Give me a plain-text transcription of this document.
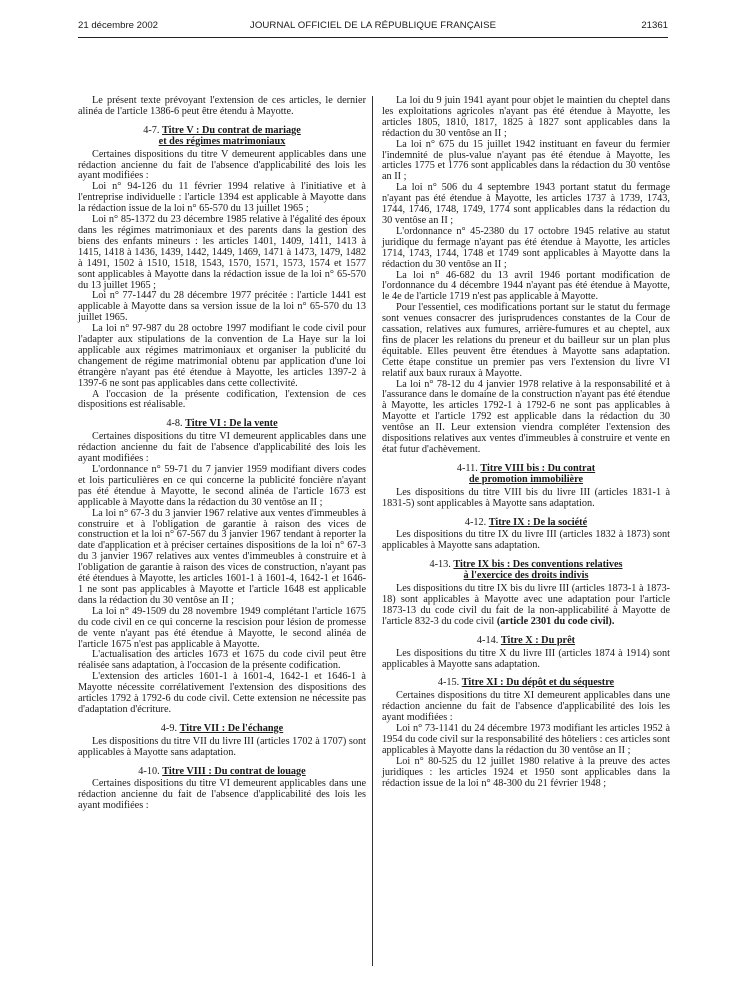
21 décembre 2002	JOURNAL OFFICIEL DE LA RÉPUBLIQUE FRANÇAISE	21361

Le présent texte prévoyant l'extension de ces articles, le dernier alinéa de l'article 1386-6 peut être étendu à Mayotte.

4-7. Titre V : Du contrat de mariage
et des régimes matrimoniaux

Certaines dispositions du titre V demeurent applicables dans une rédaction ancienne du fait de l'absence d'applicabilité des lois les ayant modifiées :

Loi n° 94-126 du 11 février 1994 relative à l'initiative et à l'entreprise individuelle : l'article 1394 est applicable à Mayotte dans la rédaction issue de la loi n° 65-570 du 13 juillet 1965 ;

Loi n° 85-1372 du 23 décembre 1985 relative à l'égalité des époux dans les régimes matrimoniaux et des parents dans la gestion des biens des enfants mineurs : les articles 1401, 1409, 1411, 1413 à 1415, 1418 à 1436, 1439, 1442, 1449, 1469, 1471 à 1473, 1479, 1482 à 1491, 1502 à 1510, 1518, 1543, 1570, 1571, 1573, 1574 et 1577 sont applicables à Mayotte dans la rédaction issue de la loi n° 65-570 du 13 juillet 1965 ;

Loi n° 77-1447 du 28 décembre 1977 précitée : l'article 1441 est applicable à Mayotte dans sa version issue de la loi n° 65-570 du 13 juillet 1965.

La loi n° 97-987 du 28 octobre 1997 modifiant le code civil pour l'adapter aux stipulations de la convention de La Haye sur la loi applicable aux régimes matrimoniaux et organiser la publicité du changement de régime matrimonial obtenu par application d'une loi étrangère n'ayant pas été étendue à Mayotte, les articles 1397-2 à 1397-6 ne sont pas applicables dans cette collectivité.

A l'occasion de la présente codification, l'extension de ces dispositions est réalisable.

4-8. Titre VI : De la vente

Certaines dispositions du titre VI demeurent applicables dans une rédaction ancienne du fait de l'absence d'applicabilité des lois les ayant modifiées :

L'ordonnance n° 59-71 du 7 janvier 1959 modifiant divers codes et lois particulières en ce qui concerne la publicité foncière n'ayant pas été étendue à Mayotte, le second alinéa de l'article 1673 est applicable à Mayotte dans la rédaction du 30 ventôse an II ;

La loi n° 67-3 du 3 janvier 1967 relative aux ventes d'immeubles à construire et à l'obligation de garantie à raison des vices de construction et la loi n° 67-567 du 3 janvier 1967 tendant à reporter la date d'application et à préciser certaines dispositions de la loi n° 67-3 du 3 janvier 1967 relatives aux ventes d'immeubles à construire et à l'obligation de garantie à raison des vices de construction, n'ayant pas été étendues à Mayotte, les articles 1601-1 à 1601-4, 1642-1 et 1646-1 ne sont pas applicables à Mayotte et l'article 1648 est applicable dans la rédaction du 30 ventôse an II ;

La loi n° 49-1509 du 28 novembre 1949 complétant l'article 1675 du code civil en ce qui concerne la rescision pour lésion de promesse de vente n'ayant pas été étendue à Mayotte, le second alinéa de l'article 1675 n'est pas applicable à Mayotte.

L'actualisation des articles 1673 et 1675 du code civil peut être réalisée sans adaptation, à l'occasion de la présente codification.

L'extension des articles 1601-1 à 1601-4, 1642-1 et 1646-1 à Mayotte nécessite corrélativement l'extension des dispositions des articles 1792 à 1792-6 du code civil. Cette extension ne nécessite pas d'adaptation d'écriture.

4-9. Titre VII : De l'échange

Les dispositions du titre VII du livre III (articles 1702 à 1707) sont applicables à Mayotte sans adaptation.

4-10. Titre VIII : Du contrat de louage

Certaines dispositions du titre VI demeurent applicables dans une rédaction ancienne du fait de l'absence d'applicabilité des lois les ayant modifiées :

La loi du 9 juin 1941 ayant pour objet le maintien du cheptel dans les exploitations agricoles n'ayant pas été étendue à Mayotte, les articles 1805, 1810, 1817, 1825 à 1827 sont applicables dans la rédaction du 30 ventôse an II ;

La loi n° 675 du 15 juillet 1942 instituant en faveur du fermier l'indemnité de plus-value n'ayant pas été étendue à Mayotte, les articles 1775 et 1776 sont applicables dans la rédaction du 30 ventôse an II ;

La loi n° 506 du 4 septembre 1943 portant statut du fermage n'ayant pas été étendue à Mayotte, les articles 1737 à 1739, 1743, 1744, 1746, 1748, 1749, 1774 sont applicables dans la rédaction du 30 ventôse an II ;

L'ordonnance n° 45-2380 du 17 octobre 1945 relative au statut juridique du fermage n'ayant pas été étendue à Mayotte, les articles 1714, 1743, 1744, 1748 et 1749 sont applicables à Mayotte dans la rédaction du 30 ventôse an II ;

La loi n° 46-682 du 13 avril 1946 portant modification de l'ordonnance du 4 décembre 1944 n'ayant pas été étendue à Mayotte, le 4e de l'article 1719 n'est pas applicable à Mayotte.

Pour l'essentiel, ces modifications portant sur le statut du fermage sont venues consacrer des jurisprudences constantes de la Cour de cassation, relatives aux fumures, arrière-fumures et au cheptel, aux fins de placer les relations du preneur et du bailleur sur un plan plus équitable. Elles peuvent être étendues à Mayotte sans adaptation. Cette étape constitue un premier pas vers l'extension du livre VI relatif aux baux ruraux à Mayotte.

La loi n° 78-12 du 4 janvier 1978 relative à la responsabilité et à l'assurance dans le domaine de la construction n'ayant pas été étendue à Mayotte, les articles 1792-1 à 1792-6 ne sont pas applicables à Mayotte et l'article 1792 est applicable dans la rédaction du 30 ventôse an II. Leur extension viendra compléter l'extension des dispositions relatives aux ventes d'immeubles à construire et vente en état futur d'achèvement.

4-11. Titre VIII bis : Du contrat
de promotion immobilière

Les dispositions du titre VIII bis du livre III (articles 1831-1 à 1831-5) sont applicables à Mayotte sans adaptation.

4-12. Titre IX : De la société

Les dispositions du titre IX du livre III (articles 1832 à 1873) sont applicables à Mayotte sans adaptation.

4-13. Titre IX bis : Des conventions relatives
à l'exercice des droits indivis

Les dispositions du titre IX bis du livre III (articles 1873-1 à 1873-18) sont applicables à Mayotte avec une adaptation pour l'article 1873-13 du code civil du fait de la non-applicabilité à Mayotte de l'article 832-3 du code civil (article 2301 du code civil).

4-14. Titre X : Du prêt

Les dispositions du titre X du livre III (articles 1874 à 1914) sont applicables à Mayotte sans adaptation.

4-15. Titre XI : Du dépôt et du séquestre

Certaines dispositions du titre XI demeurent applicables dans une rédaction ancienne du fait de l'absence d'applicabilité des lois les ayant modifiées :

Loi n° 73-1141 du 24 décembre 1973 modifiant les articles 1952 à 1954 du code civil sur la responsabilité des hôteliers : ces articles sont applicables à Mayotte dans la rédaction du 30 ventôse an II ;

Loi n° 80-525 du 12 juillet 1980 relative à la preuve des actes juridiques : les articles 1924 et 1950 sont applicables dans la rédaction issue de la loi n° 48-300 du 21 février 1948 ;
